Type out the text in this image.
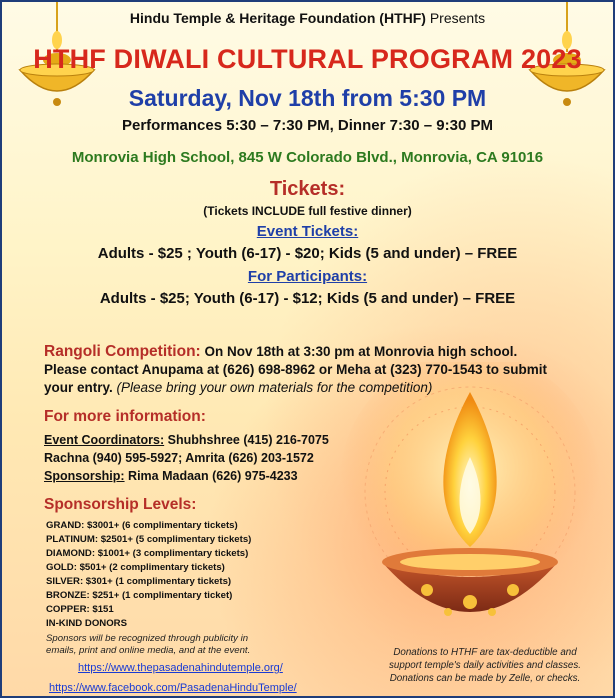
Hindu Temple & Heritage Foundation (HTHF) Presents
HTHF DIWALI CULTURAL PROGRAM 2023
Saturday, Nov 18th from 5:30 PM
Performances 5:30 – 7:30 PM, Dinner 7:30 – 9:30 PM
Monrovia High School, 845 W Colorado Blvd., Monrovia, CA 91016
Tickets:
(Tickets INCLUDE full festive dinner)
Event Tickets:
Adults - $25 ; Youth (6-17) - $20; Kids (5 and under) – FREE
For Participants:
Adults - $25; Youth (6-17) - $12; Kids (5 and under) – FREE
Rangoli Competition: On Nov 18th at 3:30 pm at Monrovia high school.
Please contact Anupama at (626) 698-8962 or Meha at (323) 770-1543 to submit
your entry. (Please bring your own materials for the competition)
For more information:
Event Coordinators: Shubhshree (415) 216-7075
Rachna (940) 595-5927; Amrita (626) 203-1572
Sponsorship: Rima Madaan (626) 975-4233
Sponsorship Levels:
GRAND: $3001+ (6 complimentary tickets)
PLATINUM: $2501+ (5 complimentary tickets)
DIAMOND: $1001+ (3 complimentary tickets)
GOLD: $501+ (2 complimentary tickets)
SILVER: $301+ (1 complimentary tickets)
BRONZE: $251+ (1 complimentary ticket)
COPPER: $151
IN-KIND DONORS
Sponsors will be recognized through publicity in
emails, print and online media, and at the event.
https://www.thepasadenahindutemple.org/
https://www.facebook.com/PasadenaHinduTemple/
Donations to HTHF are tax-deductible and
support temple's daily activities and classes.
Donations can be made by Zelle, or checks.
